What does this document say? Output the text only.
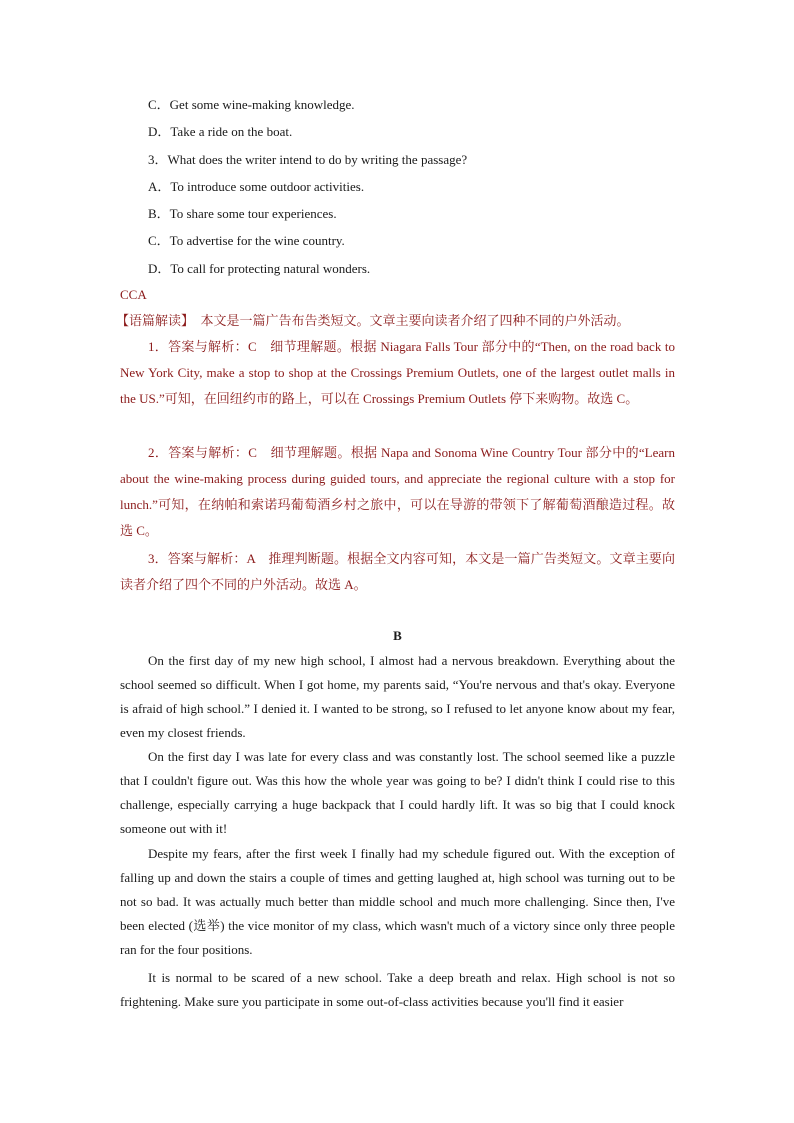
C．Get some wine-making knowledge.
D．Take a ride on the boat.
3．What does the writer intend to do by writing the passage?
A．To introduce some outdoor activities.
B．To share some tour experiences.
C．To advertise for the wine country.
D．To call for protecting natural wonders.
CCA
【语篇解读】　本文是一篇广告布告类短文。文章主要向读者介绍了四种不同的户外活动。
1．答案与解析：C　细节理解题。根据 Niagara Falls Tour 部分中的“Then, on the road back to New York City, make a stop to shop at the Crossings Premium Outlets, one of the largest outlet malls in the US.”可知，在回纽约市的路上，可以在 Crossings Premium Outlets 停下来购物。故选 C。
2．答案与解析：C　细节理解题。根据 Napa and Sonoma Wine Country Tour 部分中的“Learn about the wine-making process during guided tours, and appreciate the regional culture with a stop for lunch.”可知，在纳帕和索诺玛葡萄酒乡村之旅中，可以在导游的带领下了解葡萄酒酿造过程。故选 C。
3．答案与解析：A　推理判断题。根据全文内容可知，本文是一篇广告类短文。文章主要向读者介绍了四个不同的户外活动。故选 A。
B
On the first day of my new high school, I almost had a nervous breakdown. Everything about the school seemed so difficult. When I got home, my parents said, “You're nervous and that's okay. Everyone is afraid of high school.” I denied it. I wanted to be strong, so I refused to let anyone know about my fear, even my closest friends.
On the first day I was late for every class and was constantly lost. The school seemed like a puzzle that I couldn't figure out. Was this how the whole year was going to be? I didn't think I could rise to this challenge, especially carrying a huge backpack that I could hardly lift. It was so big that I could knock someone out with it!
Despite my fears, after the first week I finally had my schedule figured out. With the exception of falling up and down the stairs a couple of times and getting laughed at, high school was turning out to be not so bad. It was actually much better than middle school and much more challenging. Since then, I've been elected (选举) the vice monitor of my class, which wasn't much of a victory since only three people ran for the four positions.
It is normal to be scared of a new school. Take a deep breath and relax. High school is not so frightening. Make sure you participate in some out-of-class activities because you'll find it easier
